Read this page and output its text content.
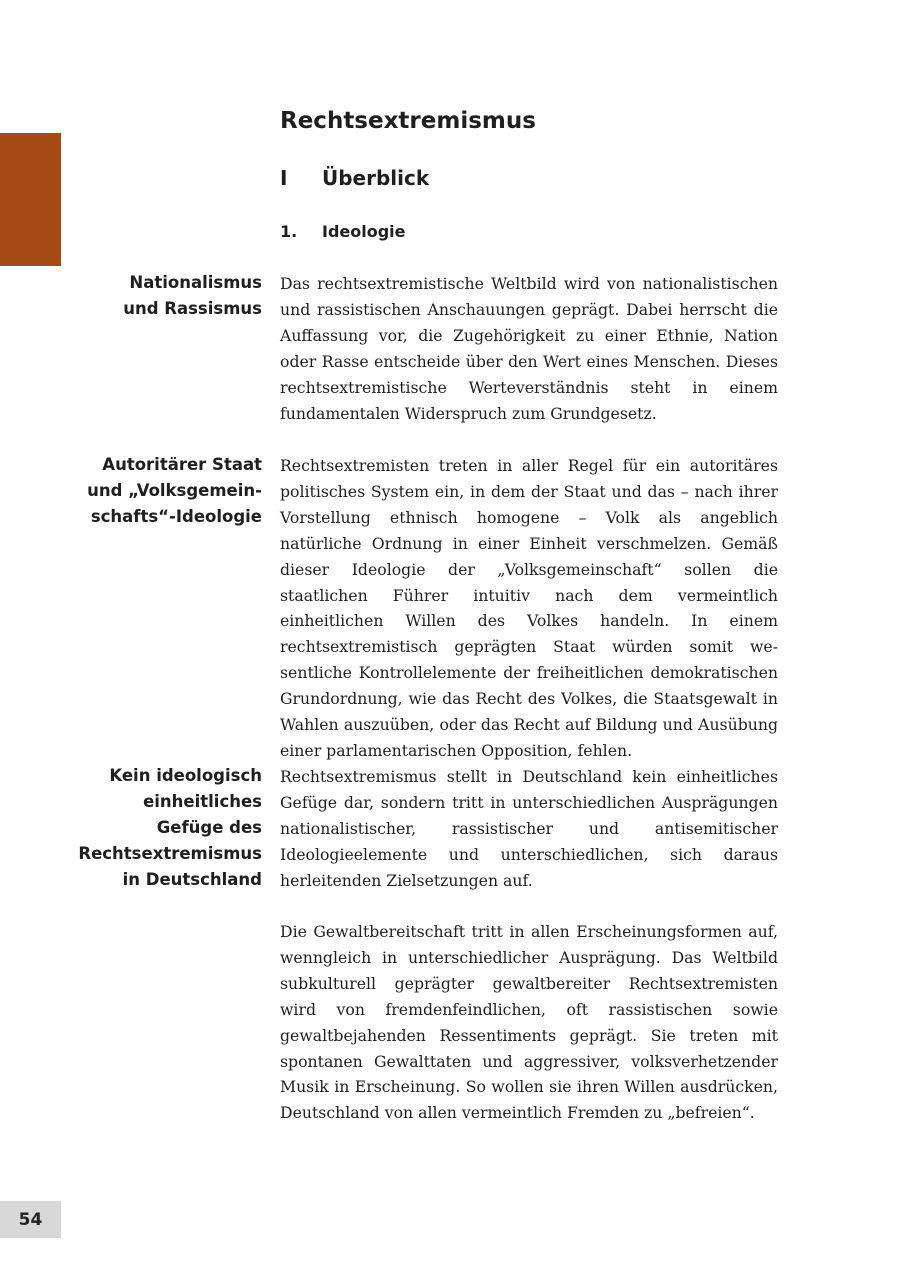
Rechtsextremismus
I Überblick
1. Ideologie

Nationalismus und Rassismus

Das rechtsextremistische Weltbild wird von nationalistischen und rassistischen Anschauungen geprägt. Dabei herrscht die Auffassung vor, die Zugehörigkeit zu einer Ethnie, Nation oder Rasse entscheide über den Wert eines Menschen. Dieses rechtsextremistische Werteverständnis steht in einem fundamentalen Widerspruch zum Grundgesetz.

Autoritärer Staat und „Volksgemeinschafts“-Ideologie

Rechtsextremisten treten in aller Regel für ein autoritäres politisches System ein, in dem der Staat und das – nach ihrer Vorstellung ethnisch homogene – Volk als angeblich natürliche Ordnung in einer Einheit verschmelzen. Gemäß dieser Ideologie der „Volksgemeinschaft“ sollen die staatlichen Führer intuitiv nach dem vermeintlich einheitlichen Willen des Volkes handeln. In einem rechtsextremistisch geprägten Staat würden somit wesentliche Kontrollelemente der freiheitlichen demokratischen Grundordnung, wie das Recht des Volkes, die Staatsgewalt in Wahlen auszuüben, oder das Recht auf Bildung und Ausübung einer parlamentarischen Opposition, fehlen.

Kein ideologisch einheitliches Gefüge des Rechtsextremismus in Deutschland

Rechtsextremismus stellt in Deutschland kein einheitliches Gefüge dar, sondern tritt in unterschiedlichen Ausprägungen nationalistischer, rassistischer und antisemitischer Ideologieelemente und unterschiedlichen, sich daraus herleitenden Zielsetzungen auf.

Die Gewaltbereitschaft tritt in allen Erscheinungsformen auf, wenngleich in unterschiedlicher Ausprägung. Das Weltbild subkulturell geprägter gewaltbereiter Rechtsextremisten wird von fremdenfeindlichen, oft rassistischen sowie gewaltbejahenden Ressentiments geprägt. Sie treten mit spontanen Gewalttaten und aggressiver, volksverhetzender Musik in Erscheinung. So wollen sie ihren Willen ausdrücken, Deutschland von allen vermeintlich Fremden zu „befreien“.

54
